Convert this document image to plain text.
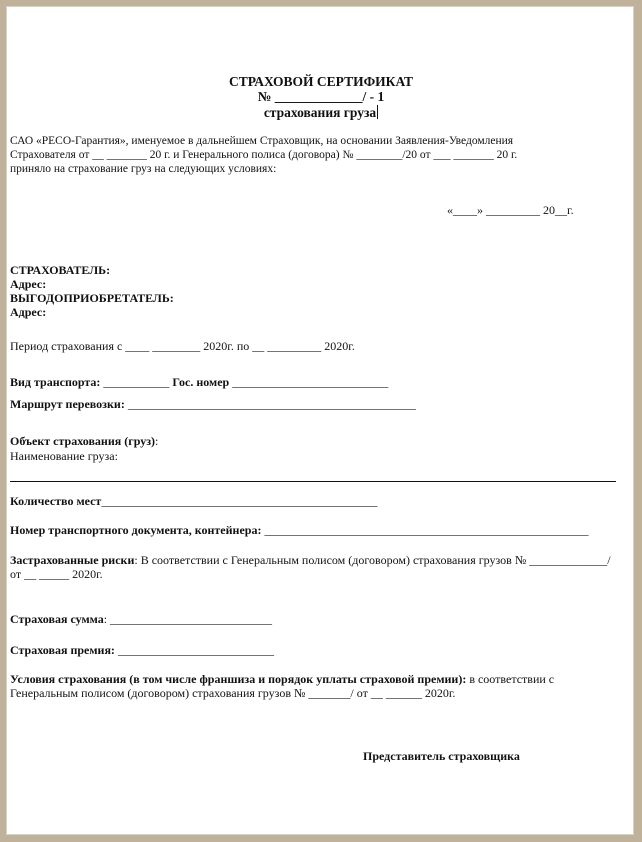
СТРАХОВОЙ СЕРТИФИКАТ
№ _____________/ - 1
страхования груза
САО «РЕСО-Гарантия», именуемое в дальнейшем Страховщик, на основании Заявления-Уведомления
Страхователя от __ _______ 20 г. и Генерального полиса (договора) № ________/20 от ___ _______ 20 г.
приняло на страхование груз на следующих условиях:
«____» _________ 20__г.
СТРАХОВАТЕЛЬ:
Адрес:
ВЫГОДОПРИОБРЕТАТЕЛЬ:
Адрес:
Период страхования с ____ ________ 2020г. по __ _________ 2020г.
Вид транспорта: ___________ Гос. номер __________________________
Маршрут перевозки: ________________________________________________
Объект страхования (груз):
Наименование груза:
Количество мест______________________________________________
Номер транспортного документа, контейнера: ______________________________________________________
Застрахованные риски: В соответствии с Генеральным полисом (договором) страхования грузов № _____________/
от __ _____ 2020г.
Страховая сумма: ___________________________
Страховая премия: __________________________
Условия страхования (в том числе франшиза и порядок уплаты страховой премии): в соответствии с
Генеральным полисом (договором) страхования грузов № _______/ от __ ______ 2020г.
Представитель страховщика
